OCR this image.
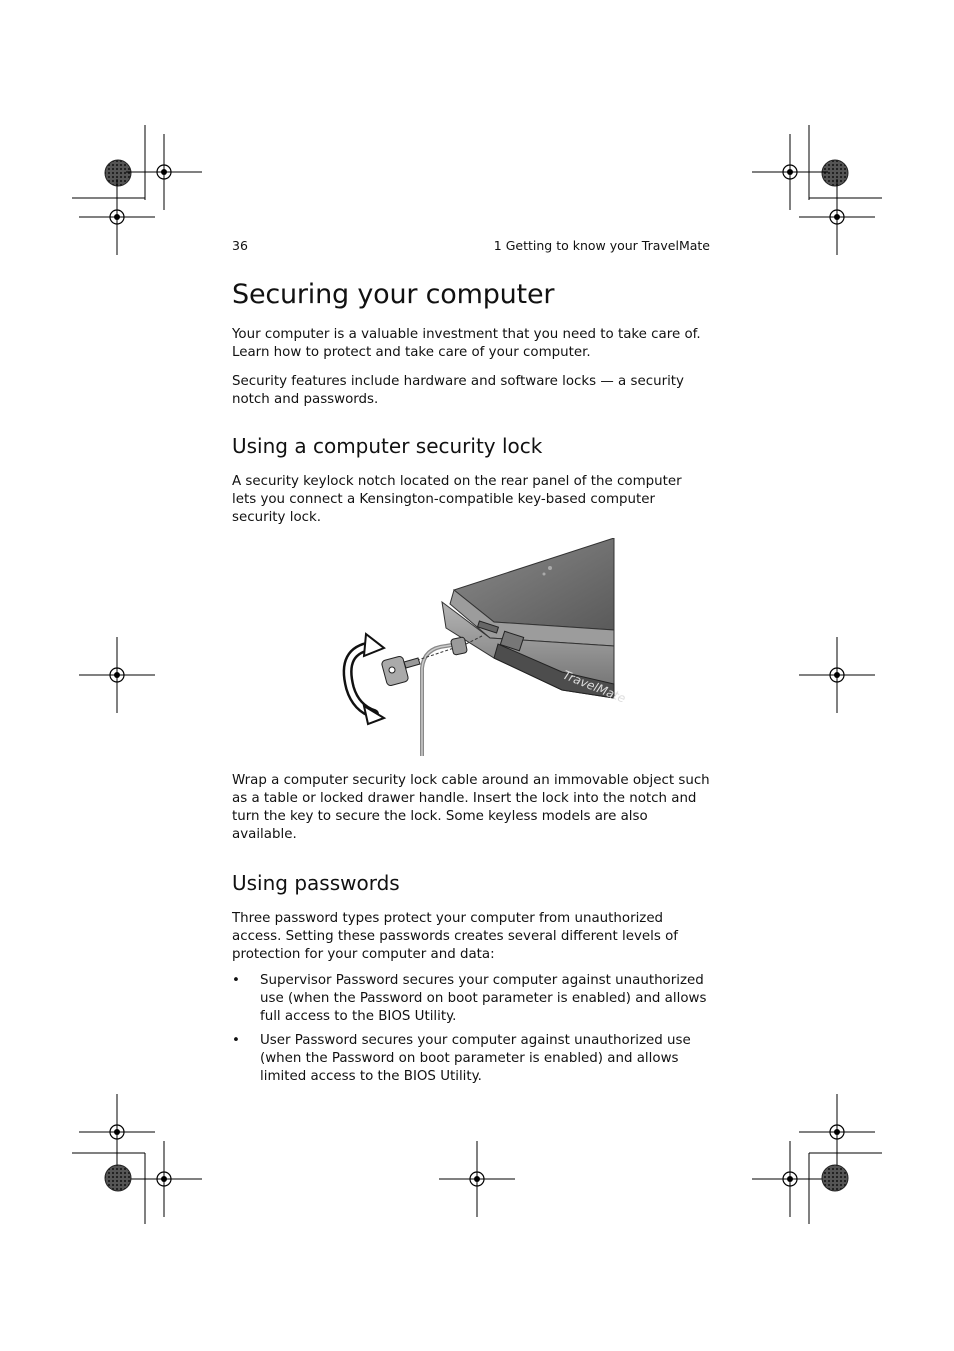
36	1 Getting to know your TravelMate
Securing your computer

Your computer is a valuable investment that you need to take care of. Learn how to protect and take care of your computer.

Security features include hardware and software locks — a security notch and passwords.

Using a computer security lock

A security keylock notch located on the rear panel of the computer lets you connect a Kensington-compatible key-based computer security lock.

TravelMate

Wrap a computer security lock cable around an immovable object such as a table or locked drawer handle. Insert the lock into the notch and turn the key to secure the lock. Some keyless models are also available.

Using passwords

Three password types protect your computer from unauthorized access. Setting these passwords creates several different levels of protection for your computer and data:

• Supervisor Password secures your computer against unauthorized use (when the Password on boot parameter is enabled) and allows full access to the BIOS Utility.
• User Password secures your computer against unauthorized use (when the Password on boot parameter is enabled) and allows limited access to the BIOS Utility.
